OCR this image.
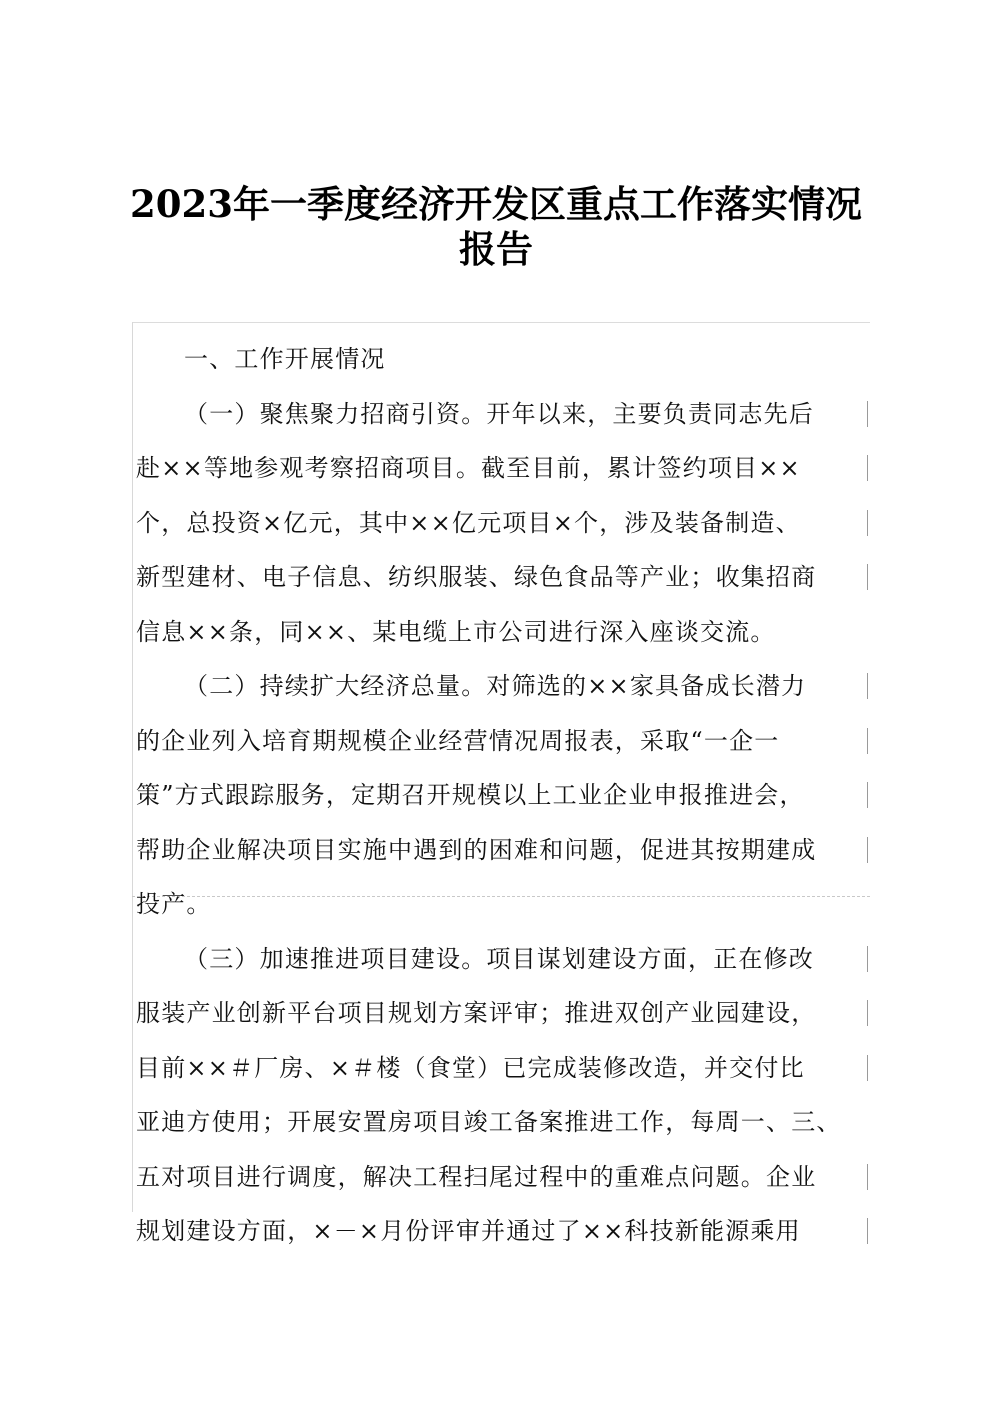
2023年一季度经济开发区重点工作落实情况
报告
一、工作开展情况
（一）聚焦聚力招商引资。开年以来，主要负责同志先后
赴××等地参观考察招商项目。截至目前，累计签约项目××
个，总投资×亿元，其中××亿元项目×个，涉及装备制造、
新型建材、电子信息、纺织服装、绿色食品等产业；收集招商
信息××条，同××、某电缆上市公司进行深入座谈交流。
（二）持续扩大经济总量。对筛选的××家具备成长潜力
的企业列入培育期规模企业经营情况周报表，采取“一企一
策”方式跟踪服务，定期召开规模以上工业企业申报推进会，
帮助企业解决项目实施中遇到的困难和问题，促进其按期建成
投产。
（三）加速推进项目建设。项目谋划建设方面，正在修改
服装产业创新平台项目规划方案评审；推进双创产业园建设，
目前××＃厂房、×＃楼（食堂）已完成装修改造，并交付比
亚迪方使用；开展安置房项目竣工备案推进工作，每周一、三、
五对项目进行调度，解决工程扫尾过程中的重难点问题。企业
规划建设方面，×－×月份评审并通过了××科技新能源乘用
